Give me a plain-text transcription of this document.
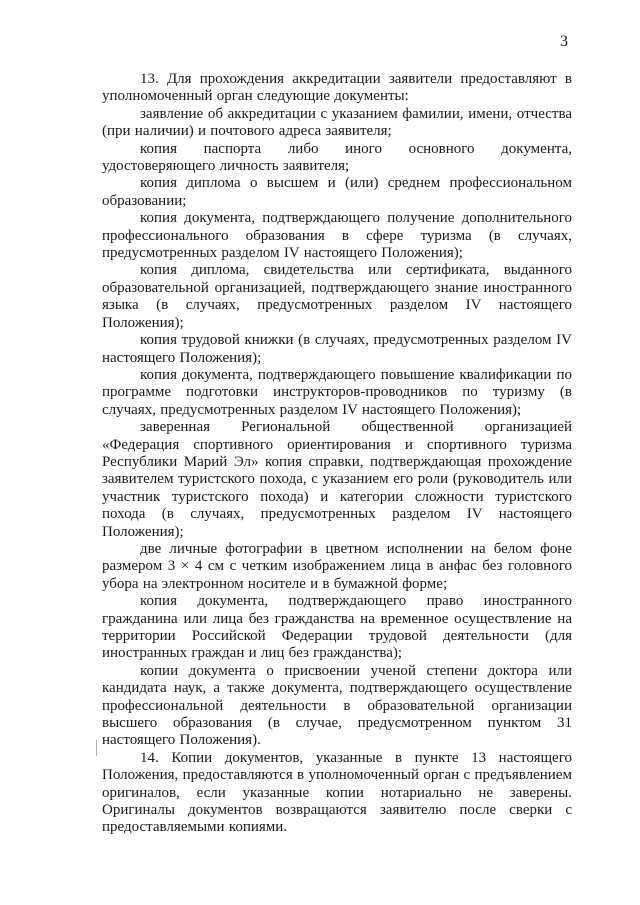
3

13. Для прохождения аккредитации заявители предоставляют в уполномоченный орган следующие документы:

заявление об аккредитации с указанием фамилии, имени, отчества (при наличии) и почтового адреса заявителя;

копия паспорта либо иного основного документа, удостоверяющего личность заявителя;

копия диплома о высшем и (или) среднем профессиональном образовании;

копия документа, подтверждающего получение дополнительного профессионального образования в сфере туризма (в случаях, предусмотренных разделом IV настоящего Положения);

копия диплома, свидетельства или сертификата, выданного образовательной организацией, подтверждающего знание иностранного языка (в случаях, предусмотренных разделом IV настоящего Положения);

копия трудовой книжки (в случаях, предусмотренных разделом IV настоящего Положения);

копия документа, подтверждающего повышение квалификации по программе подготовки инструкторов-проводников по туризму (в случаях, предусмотренных разделом IV настоящего Положения);

заверенная Региональной общественной организацией «Федерация спортивного ориентирования и спортивного туризма Республики Марий Эл» копия справки, подтверждающая прохождение заявителем туристского похода, с указанием его роли (руководитель или участник туристского похода) и категории сложности туристского похода (в случаях, предусмотренных разделом IV настоящего Положения);

две личные фотографии в цветном исполнении на белом фоне размером 3 × 4 см с четким изображением лица в анфас без головного убора на электронном носителе и в бумажной форме;

копия документа, подтверждающего право иностранного гражданина или лица без гражданства на временное осуществление на территории Российской Федерации трудовой деятельности (для иностранных граждан и лиц без гражданства);

копии документа о присвоении ученой степени доктора или кандидата наук, а также документа, подтверждающего осуществление профессиональной деятельности в образовательной организации высшего образования (в случае, предусмотренном пунктом 31 настоящего Положения).

14. Копии документов, указанные в пункте 13 настоящего Положения, предоставляются в уполномоченный орган с предъявлением оригиналов, если указанные копии нотариально не заверены. Оригиналы документов возвращаются заявителю после сверки с предоставляемыми копиями.
